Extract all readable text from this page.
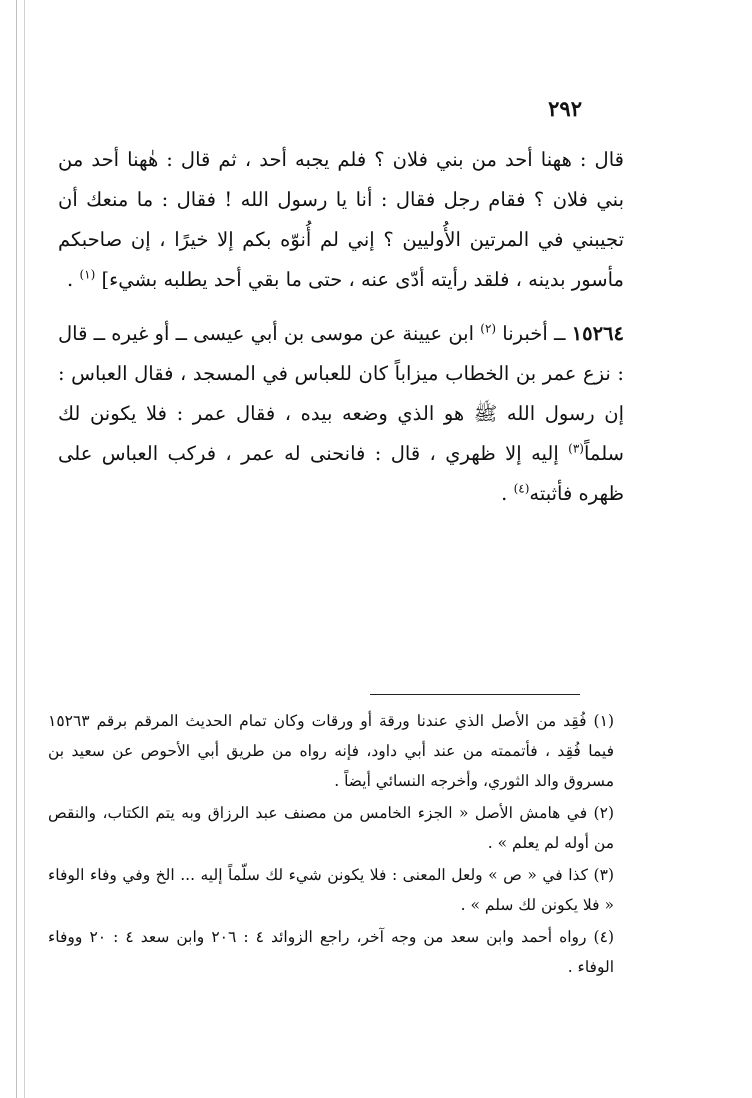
٢٩٢

قال : ههنا أحد من بني فلان ؟ فلم يجبه أحد ، ثم قال : هٰهنا أحد من بني فلان ؟ فقام رجل فقال : أنا يا رسول الله ! فقال : ما منعك أن تجيبني في المرتين الأُوليين ؟ إني لم أُنوّه بكم إلا خيرًا ، إن صاحبكم مأسور بدينه ، فلقد رأيته أدّى عنه ، حتى ما بقي أحد يطلبه بشيء] $^{(١)}$ .

١٥٢٦٤ ــ أخبرنا $^{(٢)}$ ابن عيينة عن موسى بن أبي عيسى ــ أو غيره ــ قال : نزع عمر بن الخطاب ميزاباً كان للعباس في المسجد ، فقال العباس : إن رسول الله ﷺ هو الذي وضعه بيده ، فقال عمر : فلا يكونن لك سلماً$^{(٣)}$ إليه إلا ظهري ، قال : فانحنى له عمر ، فركب العباس على ظهره فأثبته$^{(٤)}$ .

(١) فُقِد من الأصل الذي عندنا ورقة أو ورقات وكان تمام الحديث المرقم برقم ١٥٢٦٣ فيما فُقِد ، فأتممته من عند أبي داود، فإنه رواه من طريق أبي الأحوص عن سعيد بن مسروق والد الثوري، وأخرجه النسائي أيضاً .

(٢) في هامش الأصل « الجزء الخامس من مصنف عبد الرزاق وبه يتم الكتاب، والنقص من أوله لم يعلم » .

(٣) كذا في « ص » ولعل المعنى : فلا يكونن شيء لك سلّماً إليه ... الخ وفي وفاء الوفاء « فلا يكونن لك سلم » .

(٤) رواه أحمد وابن سعد من وجه آخر، راجع الزوائد ٤ : ٢٠٦ وابن سعد ٤ : ٢٠ ووفاء الوفاء .
